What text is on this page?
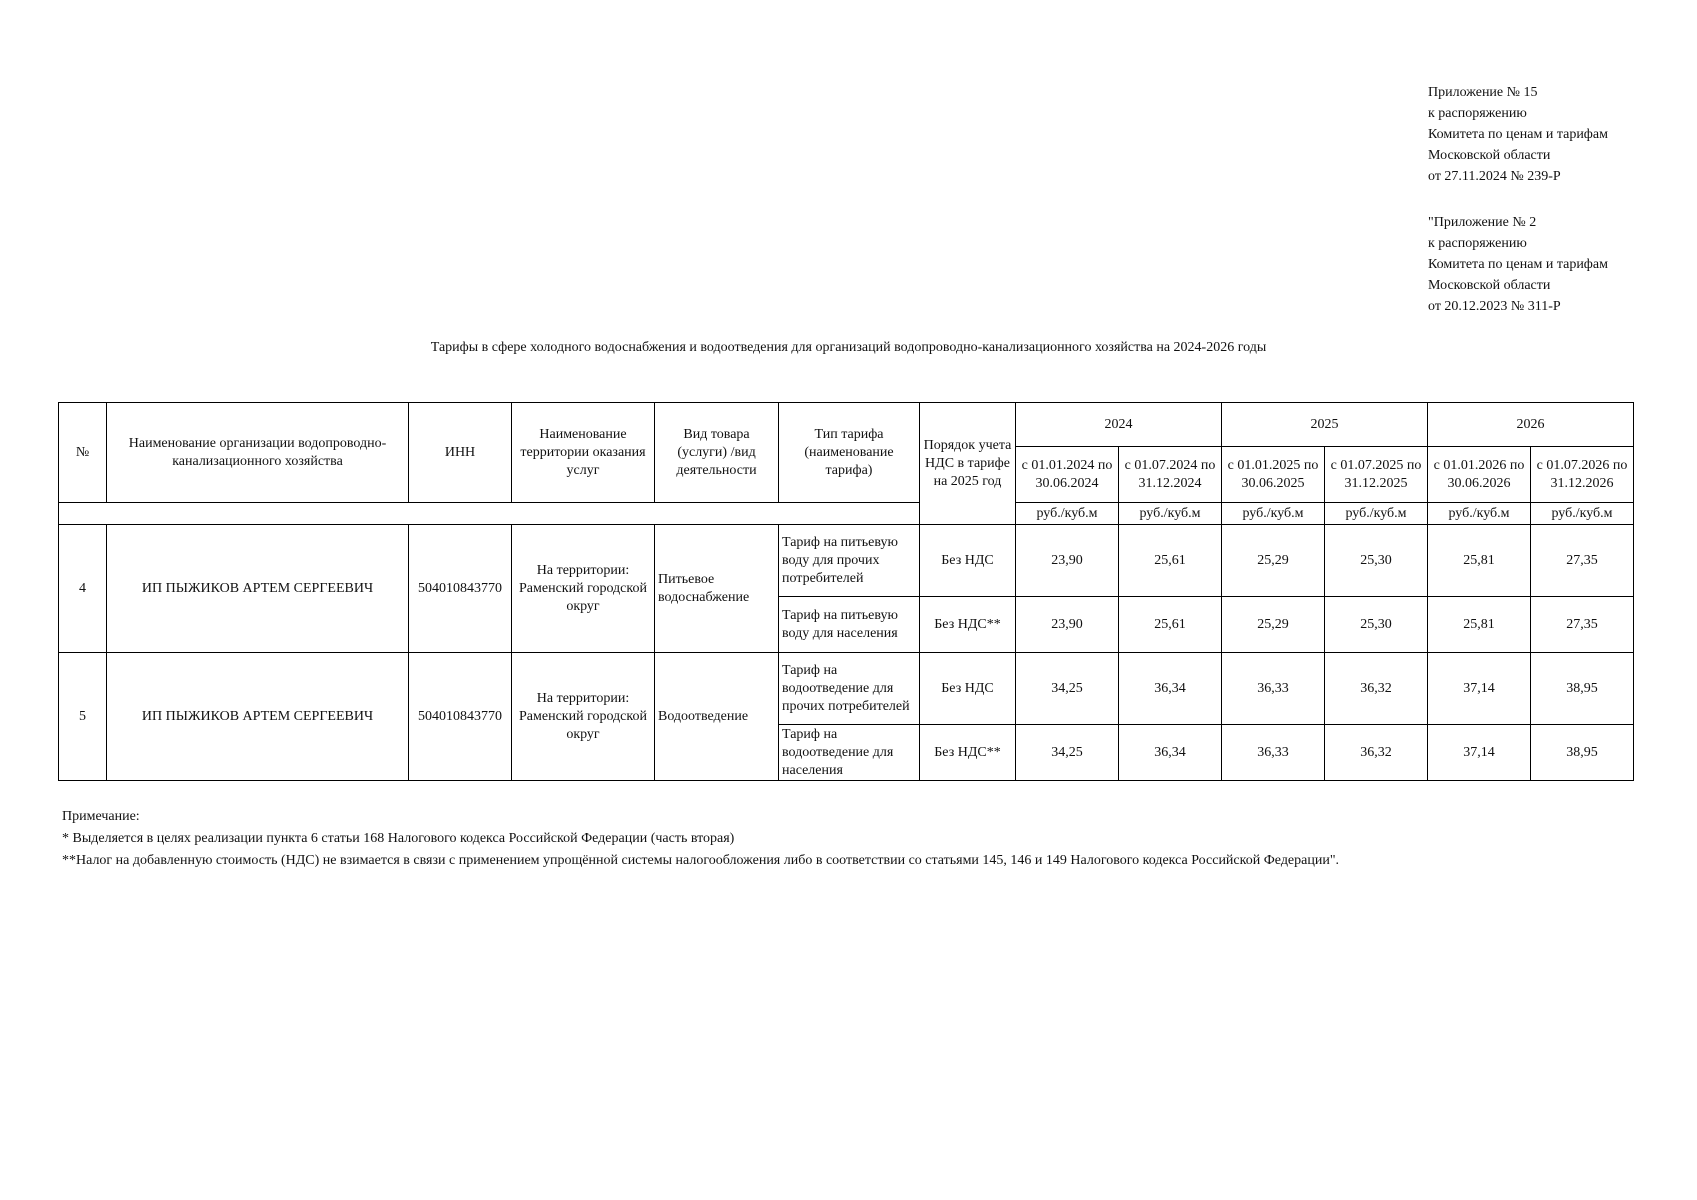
Приложение № 15
к распоряжению
Комитета по ценам и тарифам
Московской области
от 27.11.2024 № 239-Р
"Приложение № 2
к распоряжению
Комитета по ценам и тарифам
Московской области
от 20.12.2023 № 311-Р
Тарифы в сфере холодного водоснабжения и водоотведения для организаций водопроводно-канализационного хозяйства на 2024-2026 годы
№	Наименование организации водопроводно-канализационного хозяйства	ИНН	Наименование территории оказания услуг	Вид товара (услуги) /вид деятельности	Тип тарифа (наименование тарифа)	Порядок учета НДС в тарифе на 2025 год	2024		2025		2026	
							с 01.01.2024 по 30.06.2024	с 01.07.2024 по 31.12.2024	с 01.01.2025 по 30.06.2025	с 01.07.2025 по 31.12.2025	с 01.01.2026 по 30.06.2026	с 01.07.2026 по 31.12.2026
							руб./куб.м	руб./куб.м	руб./куб.м	руб./куб.м	руб./куб.м	руб./куб.м
4	ИП ПЫЖИКОВ АРТЕМ СЕРГЕЕВИЧ	504010843770	На территории: Раменский городской округ	Питьевое водоснабжение	Тариф на питьевую воду для прочих потребителей	Без НДС	23,90	25,61	25,29	25,30	25,81	27,35
					Тариф на питьевую воду для населения	Без НДС**	23,90	25,61	25,29	25,30	25,81	27,35
5	ИП ПЫЖИКОВ АРТЕМ СЕРГЕЕВИЧ	504010843770	На территории: Раменский городской округ	Водоотведение	Тариф на водоотведение для прочих потребителей	Без НДС	34,25	36,34	36,33	36,32	37,14	38,95
					Тариф на водоотведение для населения	Без НДС**	34,25	36,34	36,33	36,32	37,14	38,95
Примечание:
* Выделяется в целях реализации пункта 6 статьи 168 Налогового кодекса Российской Федерации (часть вторая)
**Налог на добавленную стоимость (НДС) не взимается в связи с применением упрощённой системы налогообложения либо в соответствии со статьями 145, 146 и 149 Налогового кодекса Российской Федерации".
